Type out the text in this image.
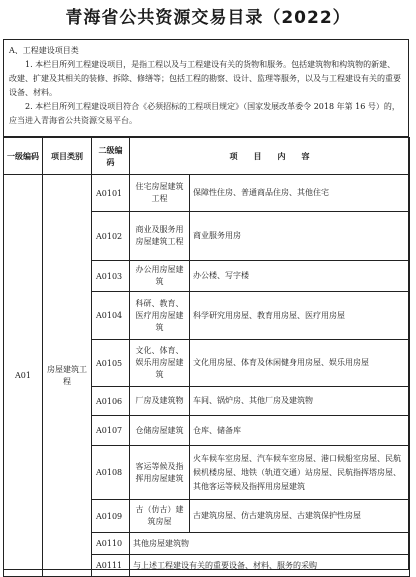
青海省公共资源交易目录（2022）

A、工程建设项目类

1. 本栏目所列工程建设项目，是指工程以及与工程建设有关的货物和服务。包括建筑物和构筑物的新建、改建、扩建及其相关的装修、拆除、修缮等；包括工程的勘察、设计、监理等服务，以及与工程建设有关的重要设备、材料。

2. 本栏目所列工程建设项目符合《必须招标的工程项目规定》（国家发展改革委令 2018 年第 16 号）的，应当进入青海省公共资源交易平台。

一级编码	项目类别	二级编码	项　　目　　内　　容	
A01	房屋建筑工程	A0101	住宅房屋建筑工程	保障性住房、普通商品住房、其他住宅
		A0102	商业及服务用房屋建筑工程	商业服务用房
		A0103	办公用房屋建筑	办公楼、写字楼
		A0104	科研、教育、医疗用房屋建筑	科学研究用房屋、教育用房屋、医疗用房屋
		A0105	文化、体育、娱乐用房屋建筑	文化用房屋、体育及休闲健身用房屋、娱乐用房屋
		A0106	厂房及建筑物	车间、锅炉房、其他厂房及建筑物
		A0107	仓储房屋建筑	仓库、储备库
		A0108	客运等候及指挥用房屋建筑	火车候车室房屋、汽车候车室房屋、港口候船室房屋、民航候机楼房屋、地铁（轨道交通）站房屋、民航指挥塔房屋、其他客运等候及指挥用房屋建筑
		A0109	古（仿古）建筑房屋	古建筑房屋、仿古建筑房屋、古建筑保护性房屋
		A0110	其他房屋建筑物	
		A0111	与上述工程建设有关的重要设备、材料、服务的采购	
